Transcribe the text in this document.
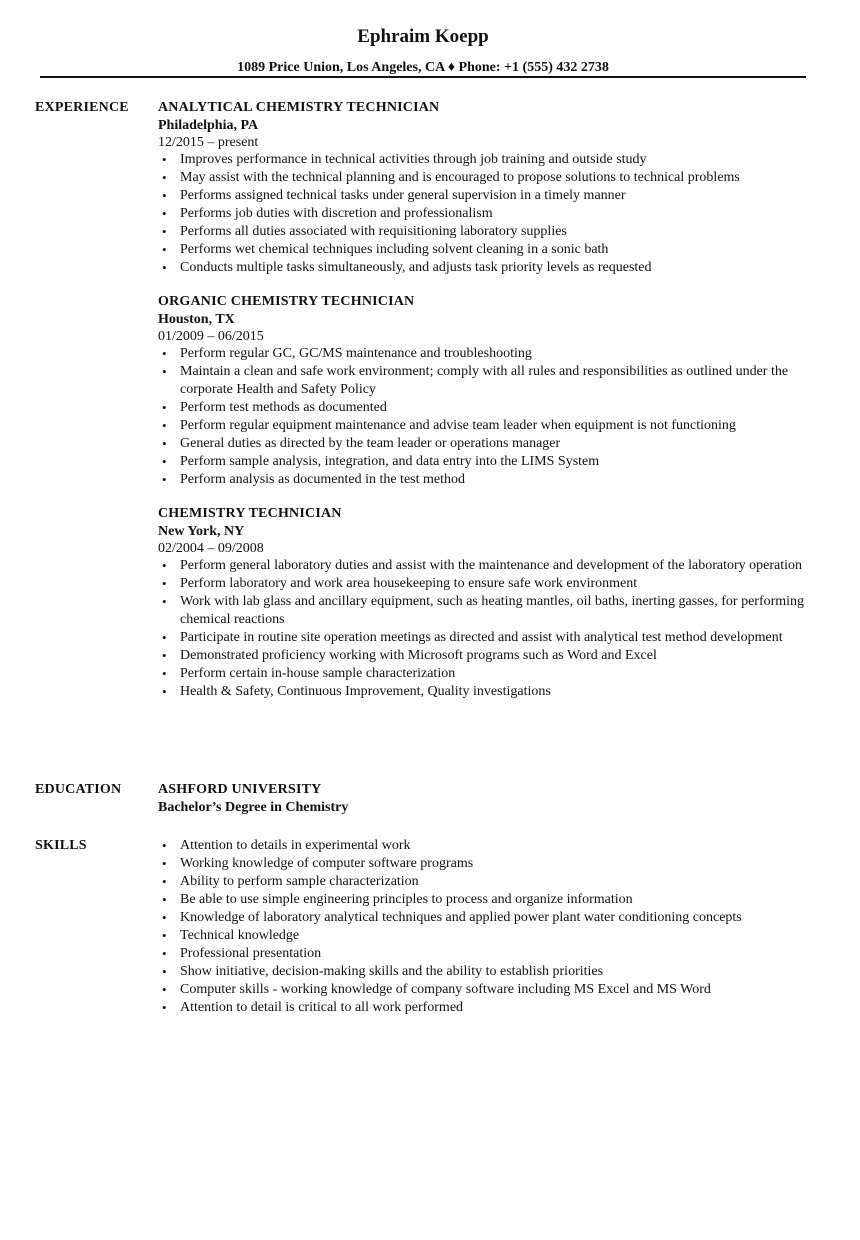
Ephraim Koepp
1089 Price Union, Los Angeles, CA ♦ Phone: +1 (555) 432 2738
EXPERIENCE	ANALYTICAL CHEMISTRY TECHNICIAN
Philadelphia, PA
12/2015 – present
• Improves performance in technical activities through job training and outside study
• May assist with the technical planning and is encouraged to propose solutions to technical problems
• Performs assigned technical tasks under general supervision in a timely manner
• Performs job duties with discretion and professionalism
• Performs all duties associated with requisitioning laboratory supplies
• Performs wet chemical techniques including solvent cleaning in a sonic bath
• Conducts multiple tasks simultaneously, and adjusts task priority levels as requested
ORGANIC CHEMISTRY TECHNICIAN
Houston, TX
01/2009 – 06/2015
• Perform regular GC, GC/MS maintenance and troubleshooting
• Maintain a clean and safe work environment; comply with all rules and responsibilities as outlined under the corporate Health and Safety Policy
• Perform test methods as documented
• Perform regular equipment maintenance and advise team leader when equipment is not functioning
• General duties as directed by the team leader or operations manager
• Perform sample analysis, integration, and data entry into the LIMS System
• Perform analysis as documented in the test method
CHEMISTRY TECHNICIAN
New York, NY
02/2004 – 09/2008
• Perform general laboratory duties and assist with the maintenance and development of the laboratory operation
• Perform laboratory and work area housekeeping to ensure safe work environment
• Work with lab glass and ancillary equipment, such as heating mantles, oil baths, inerting gasses, for performing chemical reactions
• Participate in routine site operation meetings as directed and assist with analytical test method development
• Demonstrated proficiency working with Microsoft programs such as Word and Excel
• Perform certain in-house sample characterization
• Health & Safety, Continuous Improvement, Quality investigations
EDUCATION	ASHFORD UNIVERSITY
Bachelor’s Degree in Chemistry
SKILLS
•	Attention to details in experimental work
• Working knowledge of computer software programs
• Ability to perform sample characterization
• Be able to use simple engineering principles to process and organize information
• Knowledge of laboratory analytical techniques and applied power plant water conditioning concepts
• Technical knowledge
• Professional presentation
• Show initiative, decision-making skills and the ability to establish priorities
• Computer skills - working knowledge of company software including MS Excel and MS Word
• Attention to detail is critical to all work performed
